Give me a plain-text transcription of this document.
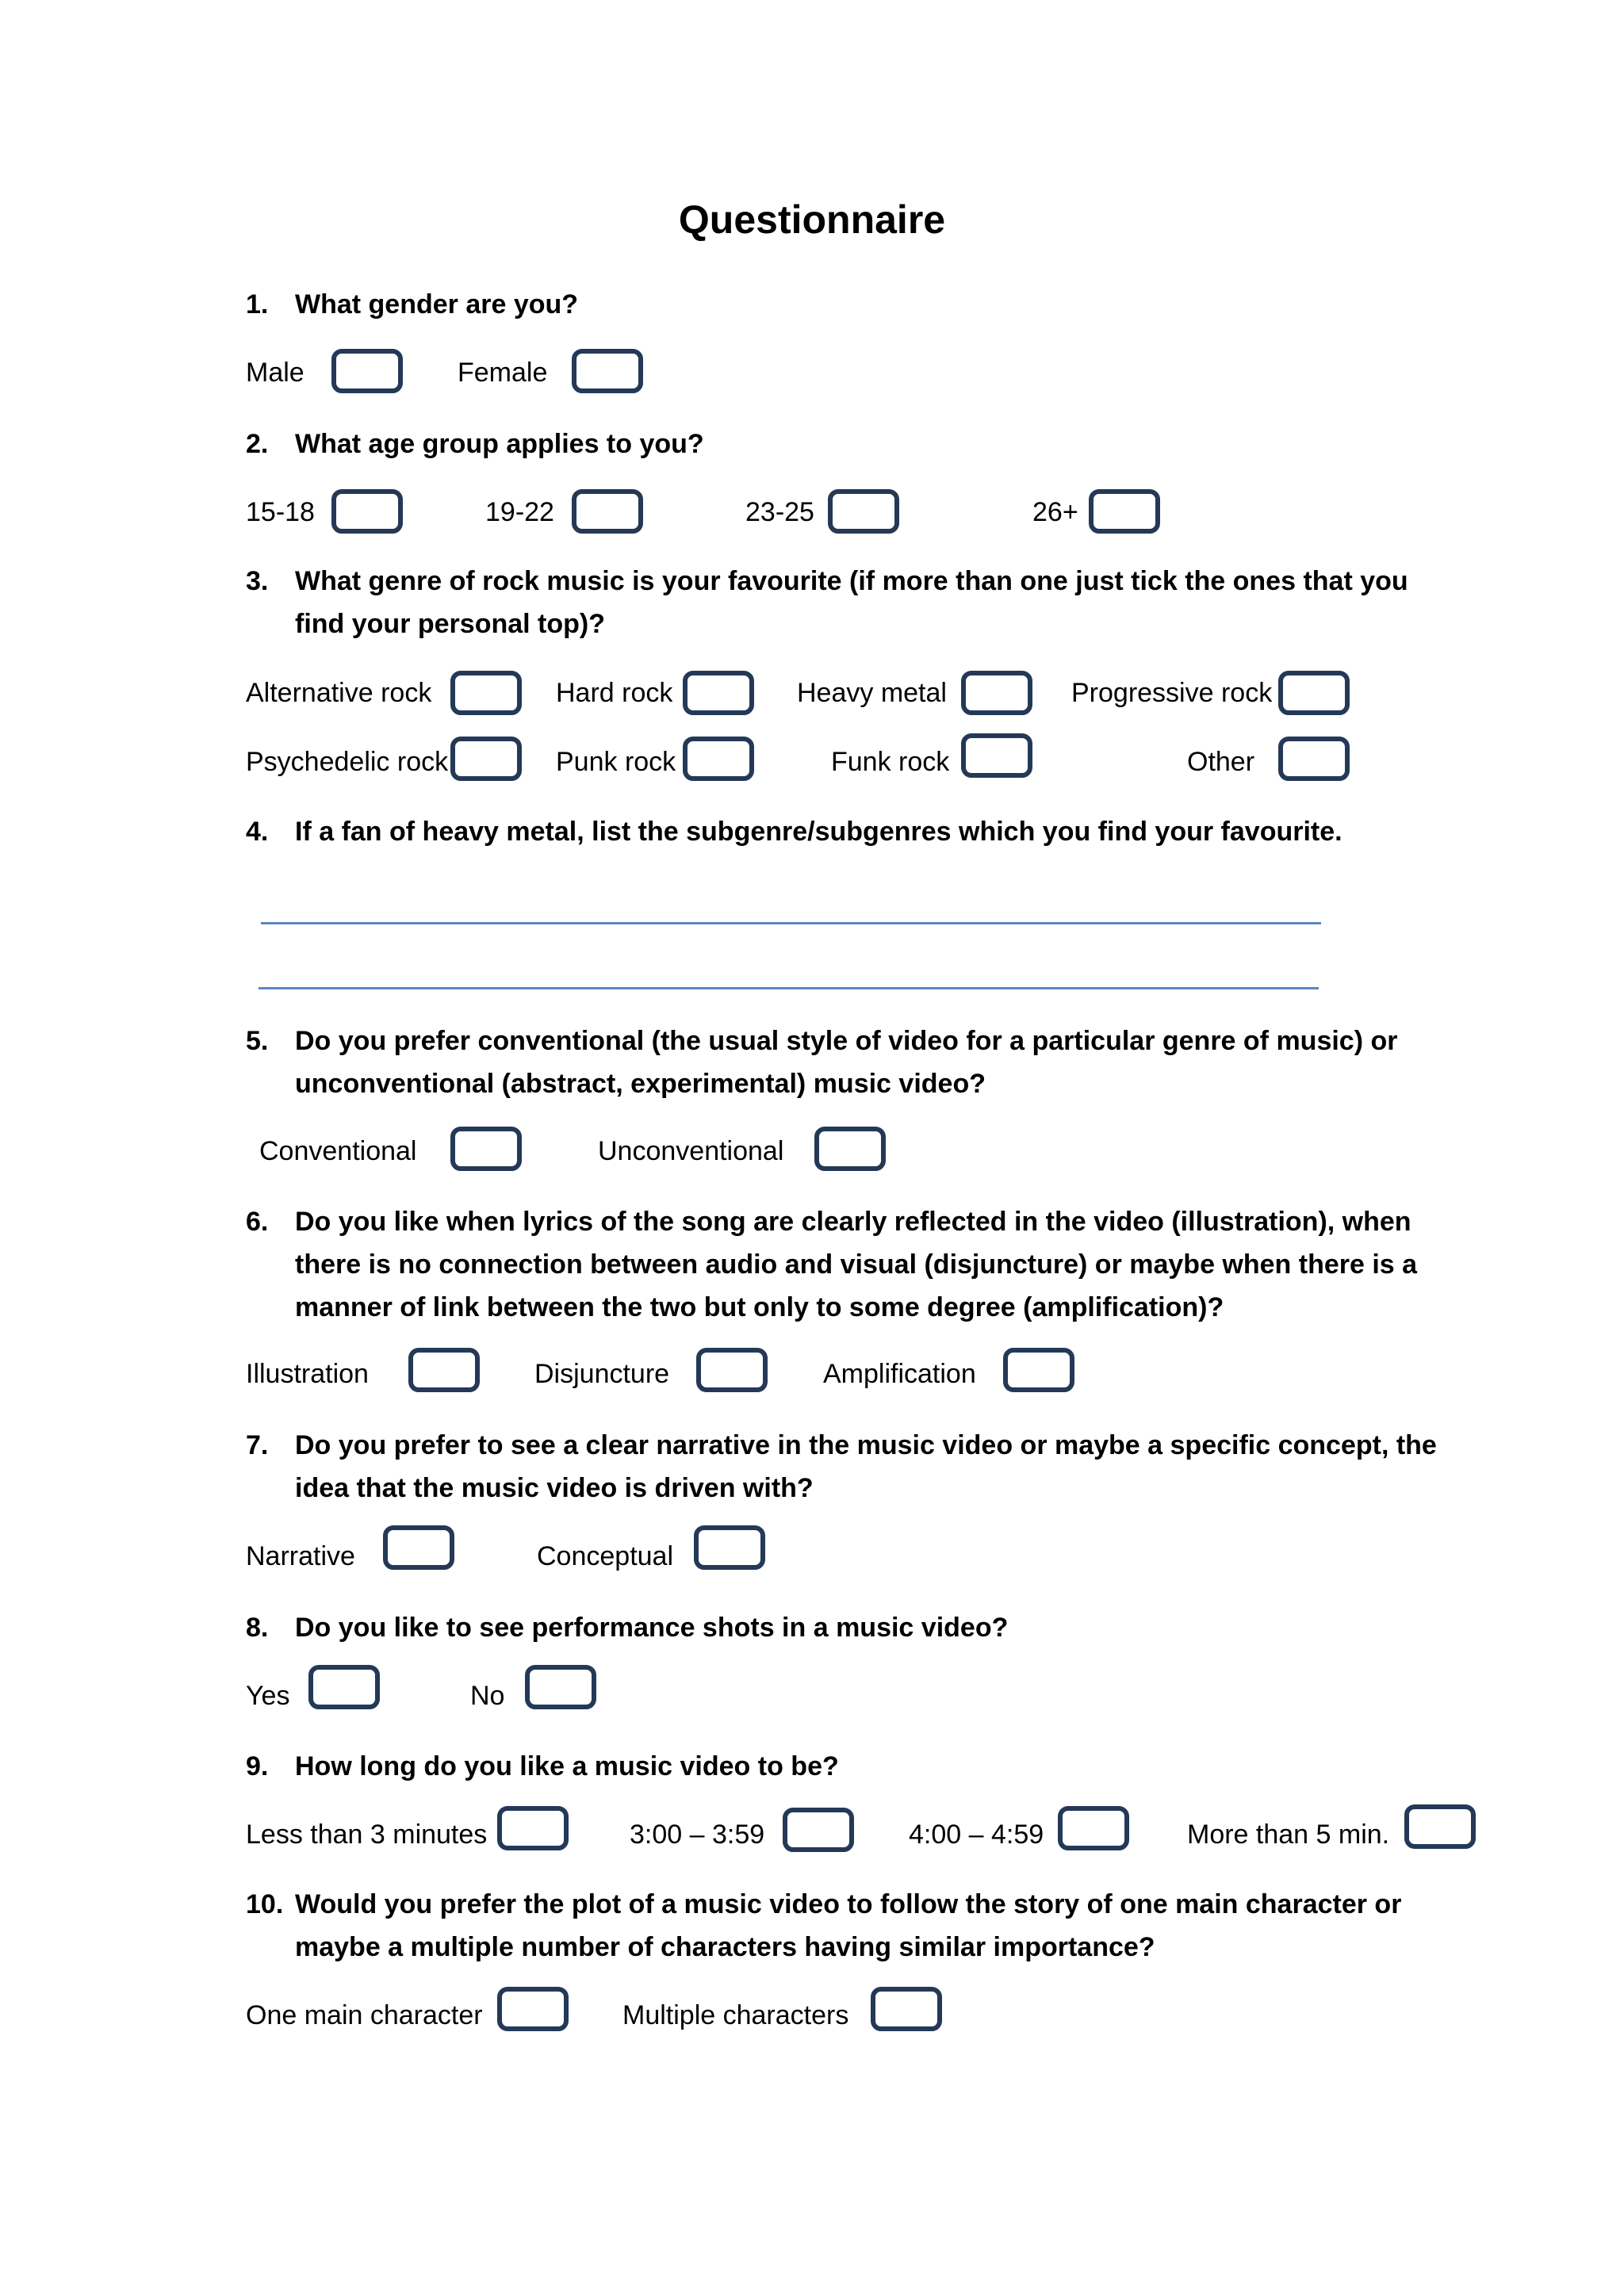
Questionnaire
1. What gender are you?
Male	Female
2. What age group applies to you?
15-18	19-22	23-25	26+
3. What genre of rock music is your favourite (if more than one just tick the ones that you find your personal top)?
Alternative rock	Hard rock	Heavy metal	Progressive rock
Psychedelic rock	Punk rock	Funk rock	Other
4. If a fan of heavy metal, list the subgenre/subgenres which you find your favourite.
5. Do you prefer conventional (the usual style of video for a particular genre of music) or unconventional (abstract, experimental) music video?
Conventional	Unconventional
6. Do you like when lyrics of the song are clearly reflected in the video (illustration), when there is no connection between audio and visual (disjuncture) or maybe when there is a manner of link between the two but only to some degree (amplification)?
Illustration	Disjuncture	Amplification
7. Do you prefer to see a clear narrative in the music video or maybe a specific concept, the idea that the music video is driven with?
Narrative	Conceptual
8. Do you like to see performance shots in a music video?
Yes	No
9. How long do you like a music video to be?
Less than 3 minutes	3:00 – 3:59	4:00 – 4:59	More than 5 min.
10. Would you prefer the plot of a music video to follow the story of one main character or maybe a multiple number of characters having similar importance?
One main character	Multiple characters
